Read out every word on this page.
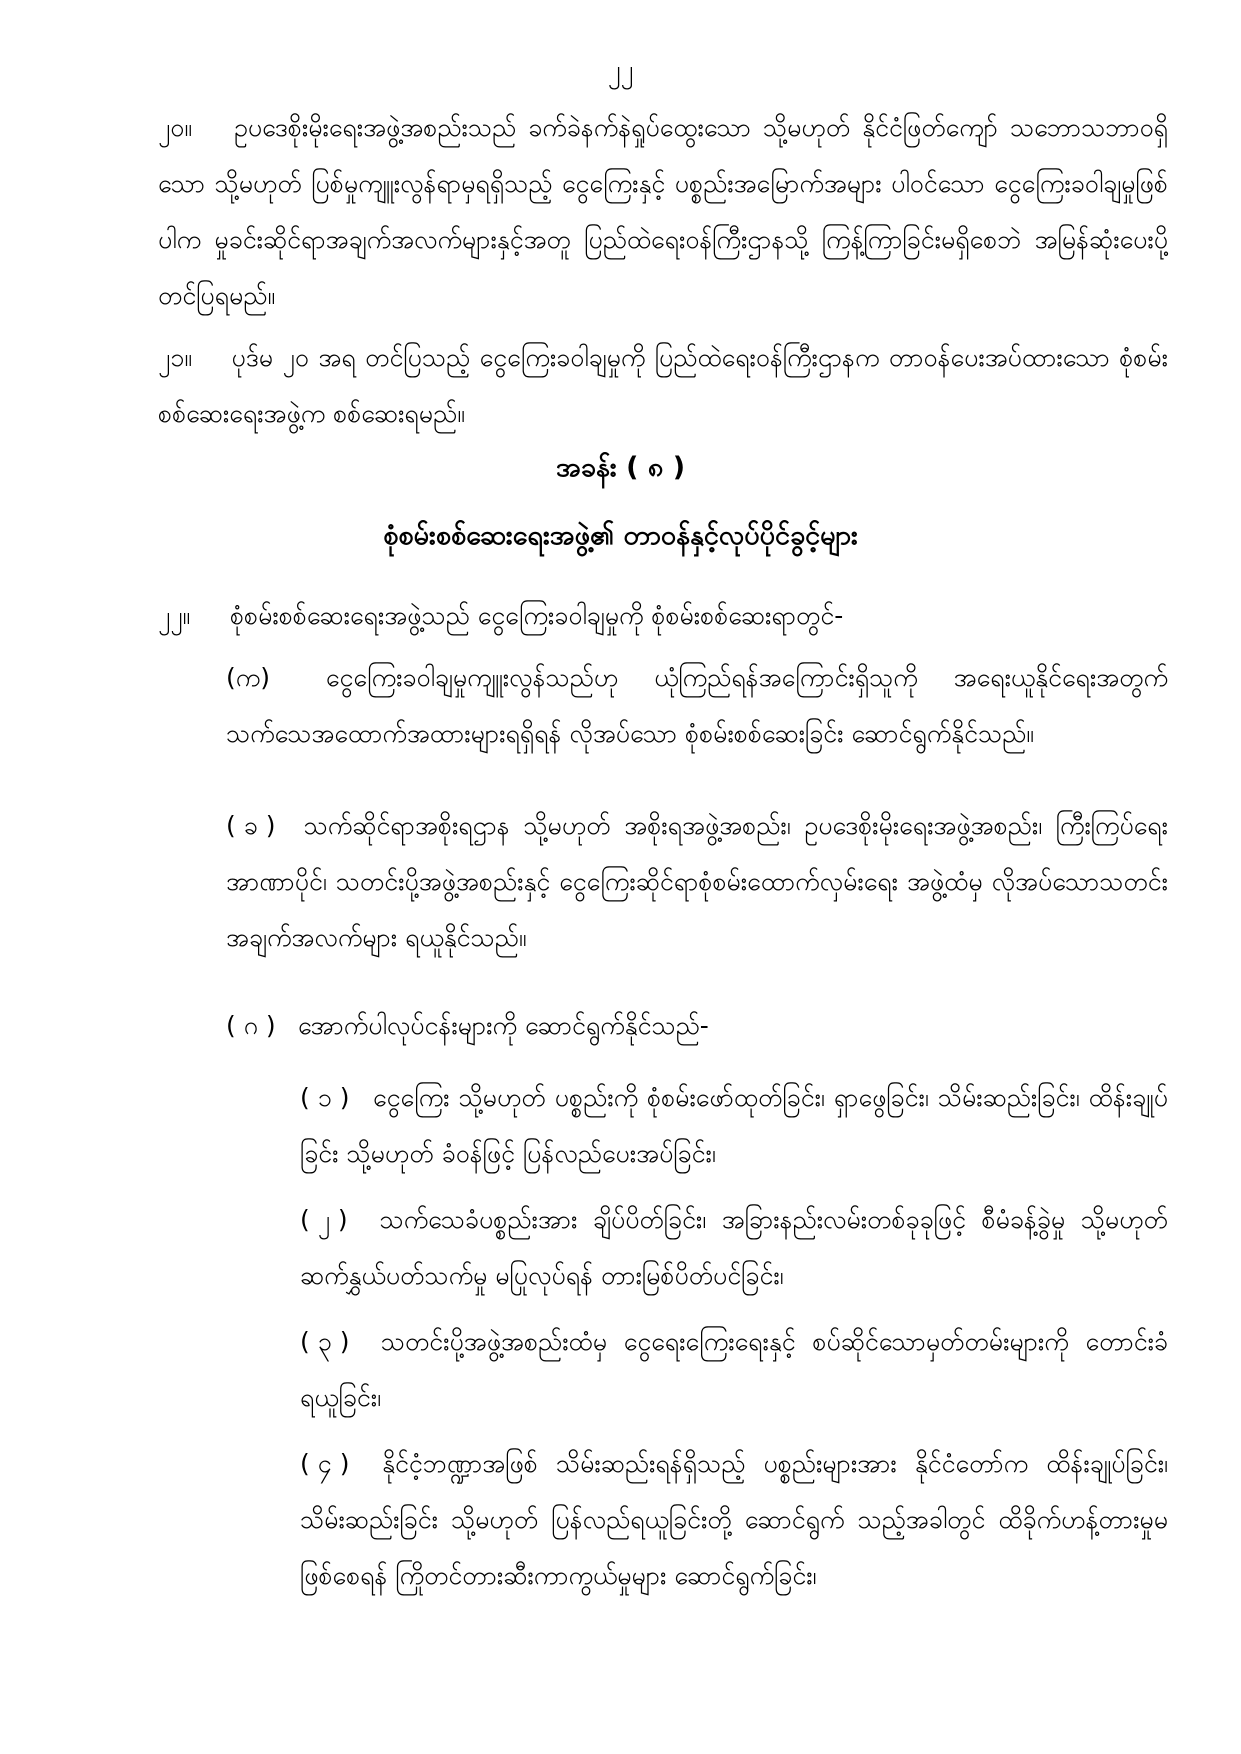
၂၂
၂၀။ ဥပဒေစိုးမိုးရေးအဖွဲ့အစည်းသည် ခက်ခဲနက်နဲရှုပ်ထွေးသော သို့မဟုတ် နိုင်ငံဖြတ်ကျော် သဘောသဘာဝရှိသော သို့မဟုတ် ပြစ်မှုကျူးလွန်ရာမှရရှိသည့် ငွေကြေးနှင့် ပစ္စည်းအမြောက်အများ ပါဝင်သော ငွေကြေးခဝါချမှုဖြစ်ပါက မှုခင်းဆိုင်ရာအချက်အလက်များနှင့်အတူ ပြည်ထဲရေးဝန်ကြီးဌာနသို့ ကြန့်ကြာခြင်းမရှိစေဘဲ အမြန်ဆုံးပေးပို့တင်ပြရမည်။
၂၁။ ပုဒ်မ ၂၀ အရ တင်ပြသည့် ငွေကြေးခဝါချမှုကို ပြည်ထဲရေးဝန်ကြီးဌာနက တာဝန်ပေးအပ်ထားသော စုံစမ်းစစ်ဆေးရေးအဖွဲ့က စစ်ဆေးရမည်။
အခန်း ( ၈ )
စုံစမ်းစစ်ဆေးရေးအဖွဲ့၏ တာဝန်နှင့်လုပ်ပိုင်ခွင့်များ
၂၂။ စုံစမ်းစစ်ဆေးရေးအဖွဲ့သည် ငွေကြေးခဝါချမှုကို စုံစမ်းစစ်ဆေးရာတွင်-
(က) ငွေကြေးခဝါချမှုကျူးလွန်သည်ဟု ယုံကြည်ရန်အကြောင်းရှိသူကို အရေးယူနိုင်ရေးအတွက် သက်သေအထောက်အထားများရရှိရန် လိုအပ်သော စုံစမ်းစစ်ဆေးခြင်း ဆောင်ရွက်နိုင်သည်။
( ခ ) သက်ဆိုင်ရာအစိုးရဌာန သို့မဟုတ် အစိုးရအဖွဲ့အစည်း၊ ဥပဒေစိုးမိုးရေးအဖွဲ့အစည်း၊ ကြီးကြပ်ရေးအာဏာပိုင်၊ သတင်းပို့အဖွဲ့အစည်းနှင့် ငွေကြေးဆိုင်ရာစုံစမ်းထောက်လှမ်းရေး အဖွဲ့ထံမှ လိုအပ်သောသတင်းအချက်အလက်များ ရယူနိုင်သည်။
( ဂ ) အောက်ပါလုပ်ငန်းများကို ဆောင်ရွက်နိုင်သည်-
( ၁ ) ငွေကြေး သို့မဟုတ် ပစ္စည်းကို စုံစမ်းဖော်ထုတ်ခြင်း၊ ရှာဖွေခြင်း၊ သိမ်းဆည်းခြင်း၊ ထိန်းချုပ်ခြင်း သို့မဟုတ် ခံဝန်ဖြင့် ပြန်လည်ပေးအပ်ခြင်း၊
( ၂ ) သက်သေခံပစ္စည်းအား ချိပ်ပိတ်ခြင်း၊ အခြားနည်းလမ်းတစ်ခုခုဖြင့် စီမံခန့်ခွဲမှု သို့မဟုတ် ဆက်နွှယ်ပတ်သက်မှု မပြုလုပ်ရန် တားမြစ်ပိတ်ပင်ခြင်း၊
( ၃ ) သတင်းပို့အဖွဲ့အစည်းထံမှ ငွေရေးကြေးရေးနှင့် စပ်ဆိုင်သောမှတ်တမ်းများကို တောင်းခံရယူခြင်း၊
( ၄ ) နိုင်ငံ့ဘဏ္ဍာအဖြစ် သိမ်းဆည်းရန်ရှိသည့် ပစ္စည်းများအား နိုင်ငံတော်က ထိန်းချုပ်ခြင်း၊ သိမ်းဆည်းခြင်း သို့မဟုတ် ပြန်လည်ရယူခြင်းတို့ ဆောင်ရွက် သည့်အခါတွင် ထိခိုက်ဟန့်တားမှုမဖြစ်စေရန် ကြိုတင်တားဆီးကာကွယ်မှုများ ဆောင်ရွက်ခြင်း၊
